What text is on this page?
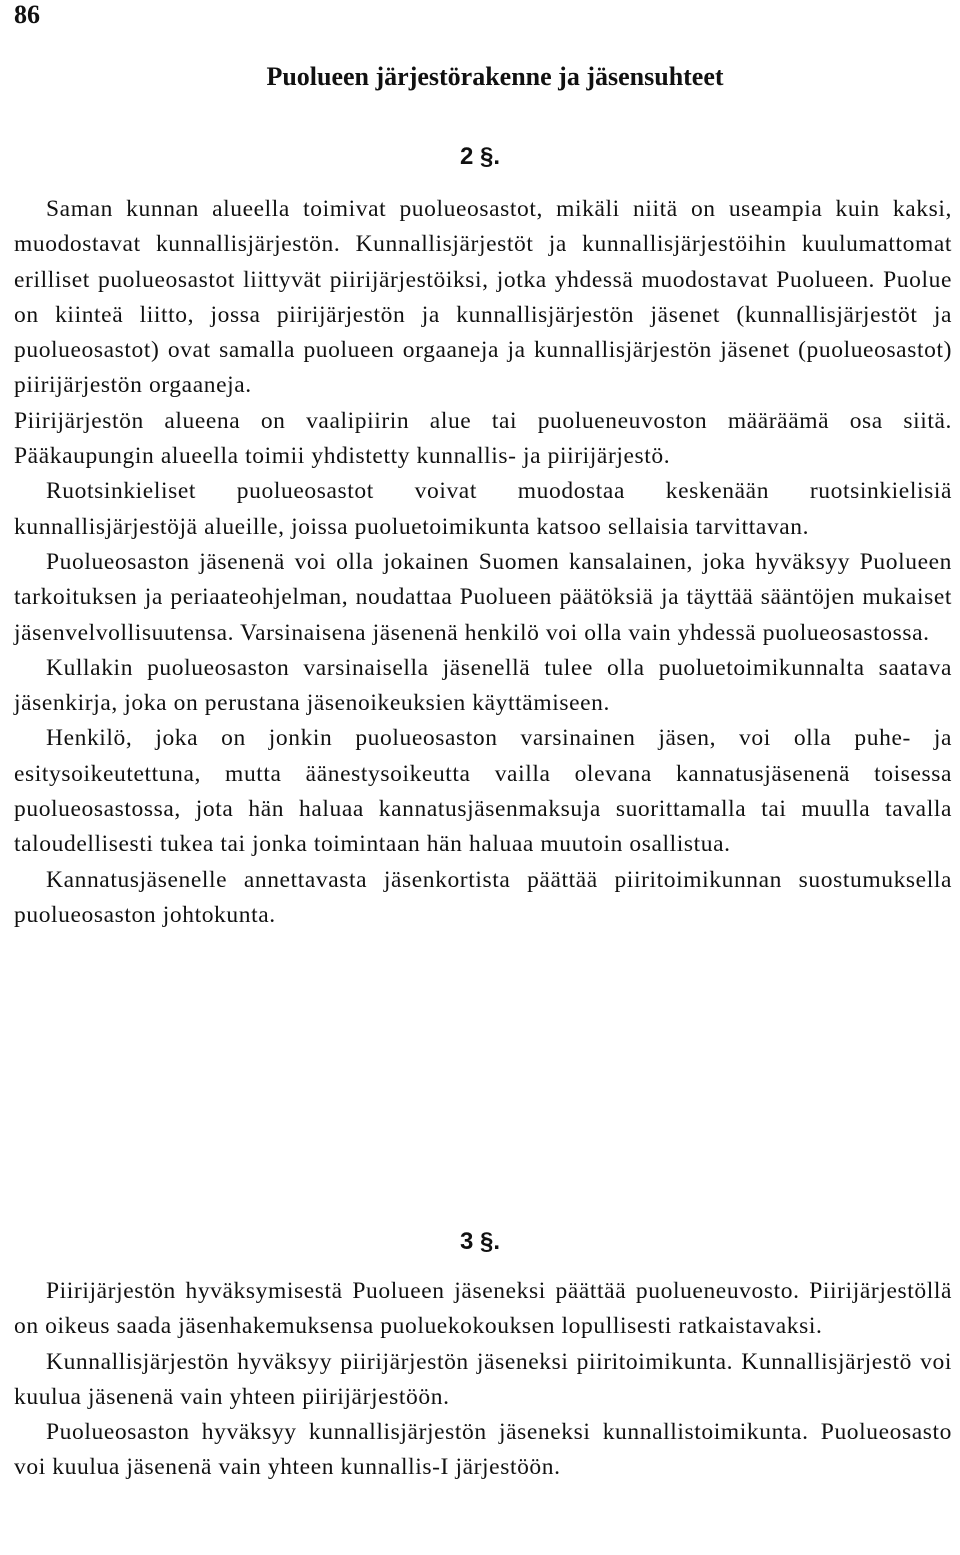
86
Puolueen järjestörakenne ja jäsensuhteet
2 §.

Saman kunnan alueella toimivat puolueosastot, mikäli niitä on useampia kuin kaksi, muodostavat kunnallisjärjestön. Kunnallisjärjestöt ja kunnallisjärjestöihin kuulumattomat erilliset puolueosastot liittyvät piirijärjestöiksi, jotka yhdessä muodostavat Puolueen. Puolue on kiinteä liitto, jossa piirijärjestön ja kunnallisjärjestön jäsenet (kunnallisjärjestöt ja puolueosastot) ovat samalla puolueen orgaaneja ja kunnallisjärjestön jäsenet (puolueosastot) piirijärjestön orgaaneja.

Piirijärjestön alueena on vaalipiirin alue tai puolueneuvoston määräämä osa siitä. Pääkaupungin alueella toimii yhdistetty kunnallis- ja piirijärjestö.

Ruotsinkieliset puolueosastot voivat muodostaa keskenään ruotsinkielisiä kunnallisjärjestöjä alueille, joissa puoluetoimikunta katsoo sellaisia tarvittavan.

Puolueosaston jäsenenä voi olla jokainen Suomen kansalainen, joka hyväksyy Puolueen tarkoituksen ja periaateohjelman, noudattaa Puolueen päätöksiä ja täyttää sääntöjen mukaiset jäsenvelvollisuutensa. Varsinaisena jäsenenä henkilö voi olla vain yhdessä puolueosastossa.

Kullakin puolueosaston varsinaisella jäsenellä tulee olla puoluetoimikunnalta saatava jäsenkirja, joka on perustana jäsenoikeuksien käyttämiseen.

Henkilö, joka on jonkin puolueosaston varsinainen jäsen, voi olla puhe- ja esitysoikeutettuna, mutta äänestysoikeutta vailla olevana kannatusjäsenenä toisessa puolueosastossa, jota hän haluaa kannatusjäsenmaksuja suorittamalla tai muulla tavalla taloudellisesti tukea tai jonka toimintaan hän haluaa muutoin osallistua.

Kannatusjäsenelle annettavasta jäsenkortista päättää piiritoimikunnan suostumuksella puolueosaston johtokunta.

3 §.

Piirijärjestön hyväksymisestä Puolueen jäseneksi päättää puolueneuvosto. Piirijärjestöllä on oikeus saada jäsenhakemuksensa puoluekokouksen lopullisesti ratkaistavaksi.

Kunnallisjärjestön hyväksyy piirijärjestön jäseneksi piiritoimikunta. Kunnallisjärjestö voi kuulua jäsenenä vain yhteen piirijärjestöön.

Puolueosaston hyväksyy kunnallisjärjestön jäseneksi kunnallistoimikunta. Puolueosasto voi kuulua jäsenenä vain yhteen kunnallis-I järjestöön.
